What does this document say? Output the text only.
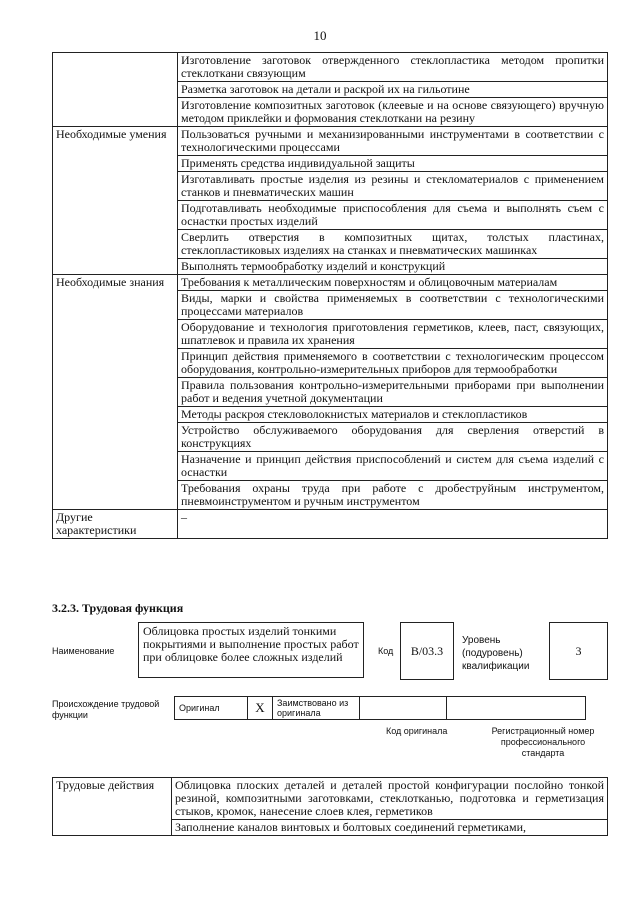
10
	Изготовление заготовок отвержденного стеклопластика методом пропитки стеклоткани связующим
	Разметка заготовок на детали и раскрой их на гильотине
	Изготовление композитных заготовок (клеевые и на основе связующего) вручную методом приклейки и формования стеклоткани на резину
Необходимые умения	Пользоваться ручными и механизированными инструментами в соответствии с технологическими процессами
	Применять средства индивидуальной защиты
	Изготавливать простые изделия из резины и стекломатериалов с применением станков и пневматических машин
	Подготавливать необходимые приспособления для съема и выполнять съем с оснастки простых изделий
	Сверлить отверстия в композитных щитах, толстых пластинах, стеклопластиковых изделиях на станках и пневматических машинках
	Выполнять термообработку изделий и конструкций
Необходимые знания	Требования к металлическим поверхностям и облицовочным материалам
	Виды, марки и свойства применяемых в соответствии с технологическими процессами материалов
	Оборудование и технология приготовления герметиков, клеев, паст, связующих, шпатлевок и правила их хранения
	Принцип действия применяемого в соответствии с технологическим процессом оборудования, контрольно-измерительных приборов для термообработки
	Правила пользования контрольно-измерительными приборами при выполнении работ и ведения учетной документации
	Методы раскроя стекловолокнистых материалов и стеклопластиков
	Устройство обслуживаемого оборудования для сверления отверстий в конструкциях
	Назначение и принцип действия приспособлений и систем для съема изделий с оснастки
	Требования охраны труда при работе с дробеструйным инструментом, пневмоинструментом и ручным инструментом
Другие характеристики	–
3.2.3. Трудовая функция
Наименование
Облицовка простых изделий тонкими покрытиями и выполнение простых работ при облицовке более сложных изделий	Код	В/03.3
Уровень (подуровень) квалификации
3
Происхождение трудовой функции
Оригинал	X	Заимствовано из оригинала		
Код оригинала	Регистрационный номер профессионального стандарта
Трудовые действия	Облицовка плоских деталей и деталей простой конфигурации послойно тонкой резиной, композитными заготовками, стеклотканью, подготовка и герметизация стыков, кромок, нанесение слоев клея, герметиков
Заполнение каналов винтовых и болтовых соединений герметиками,
